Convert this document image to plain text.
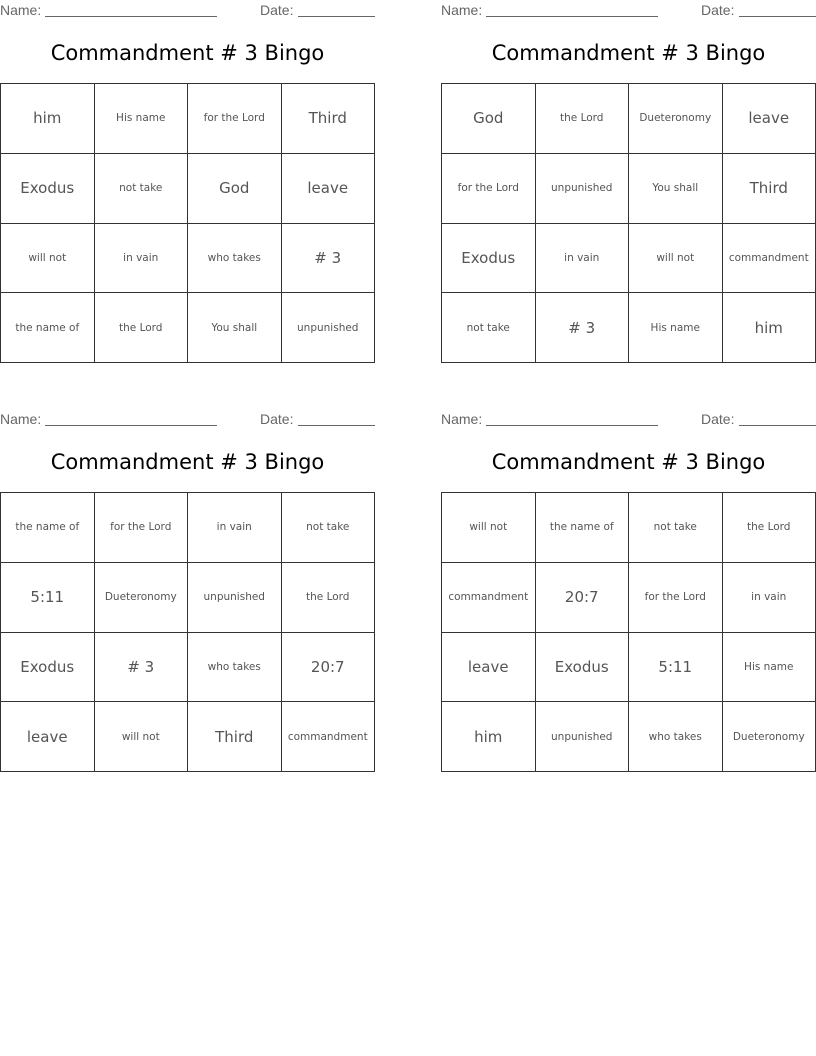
Name:	Date:
Commandment # 3 Bingo
him	His name	for the Lord	Third
Exodus	not take	God	leave
will not	in vain	who takes	# 3
the name of	the Lord	You shall	unpunished
Name:	Date:
Commandment # 3 Bingo
God	the Lord	Dueteronomy	leave
for the Lord	unpunished	You shall	Third
Exodus	in vain	will not	commandment
not take	# 3	His name	him
Name:	Date:
Commandment # 3 Bingo
the name of	for the Lord	in vain	not take
5:11	Dueteronomy	unpunished	the Lord
Exodus	# 3	who takes	20:7
leave	will not	Third	commandment
Name:	Date:
Commandment # 3 Bingo
will not	the name of	not take	the Lord
commandment	20:7	for the Lord	in vain
leave	Exodus	5:11	His name
him	unpunished	who takes	Dueteronomy
